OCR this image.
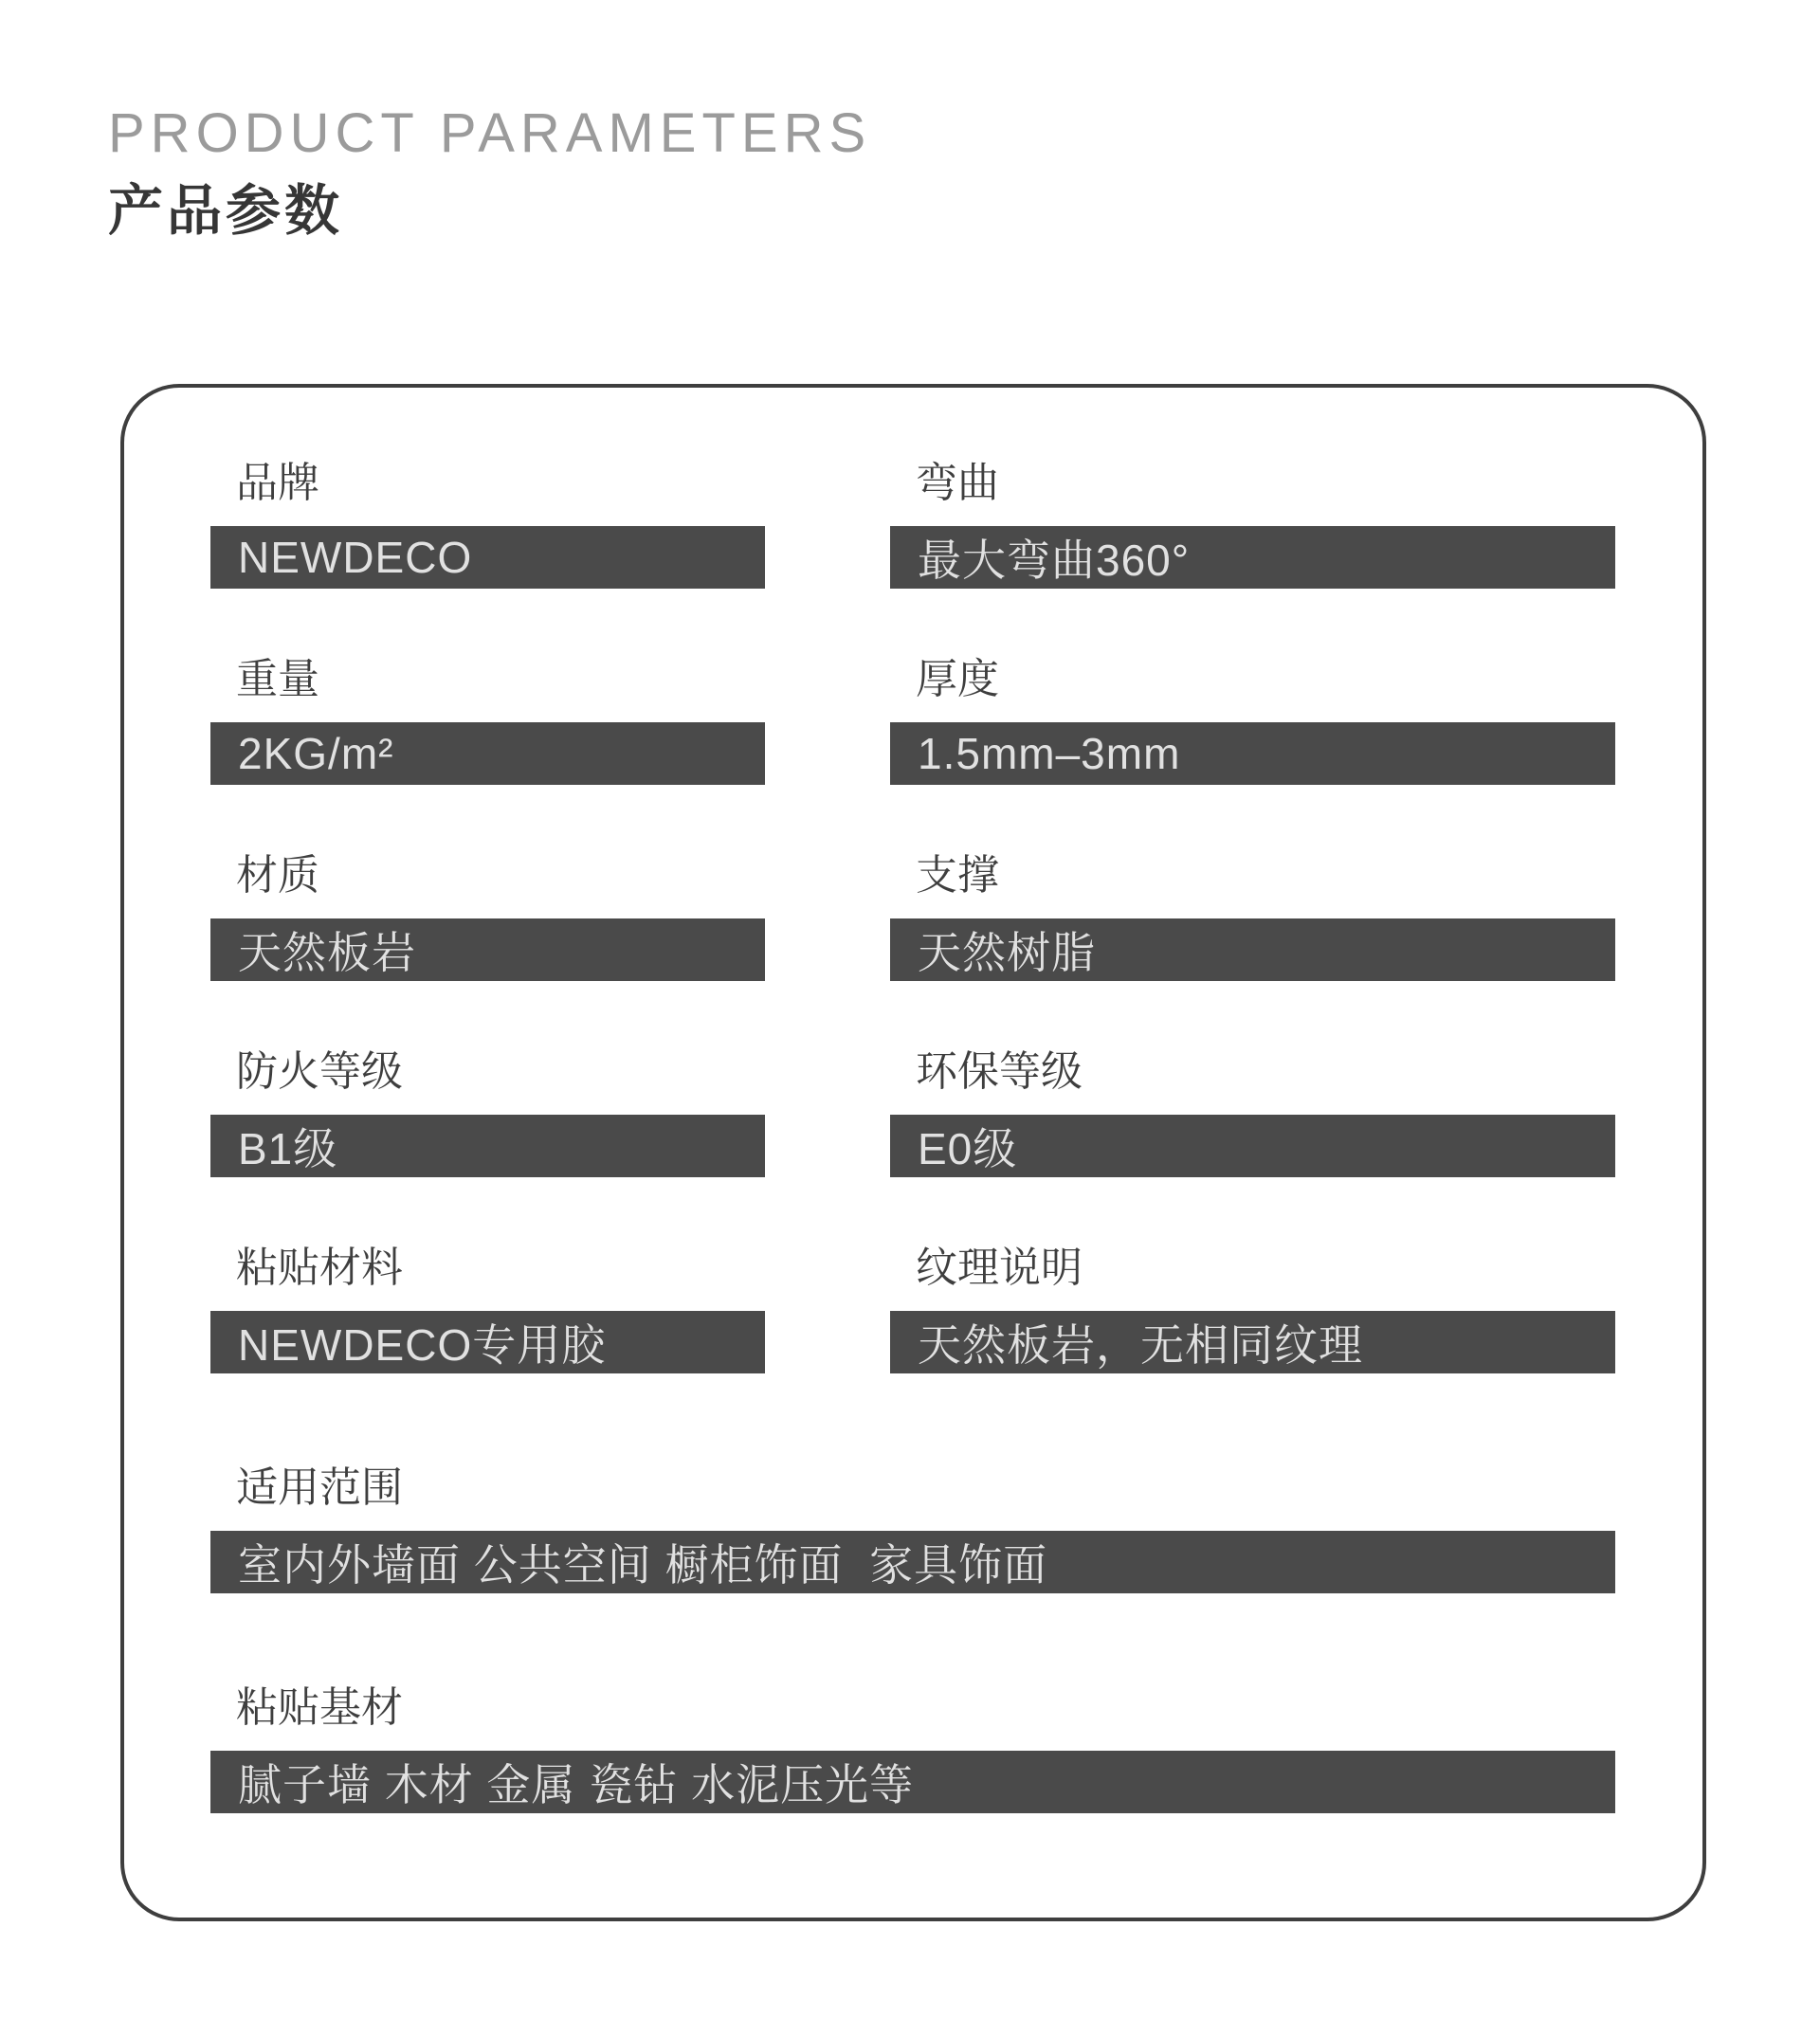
PRODUCT PARAMETERS
产品参数
品牌
NEWDECO
弯曲
最大弯曲360°
重量
2KG/m²
厚度
1.5mm–3mm
材质
天然板岩
支撑
天然树脂
防火等级
B1级
环保等级
E0级
粘贴材料
NEWDECO专用胶
纹理说明
天然板岩，无相同纹理
适用范围
室内外墙面 公共空间 橱柜饰面  家具饰面
粘贴基材
腻子墙 木材 金属 瓷钻 水泥压光等
